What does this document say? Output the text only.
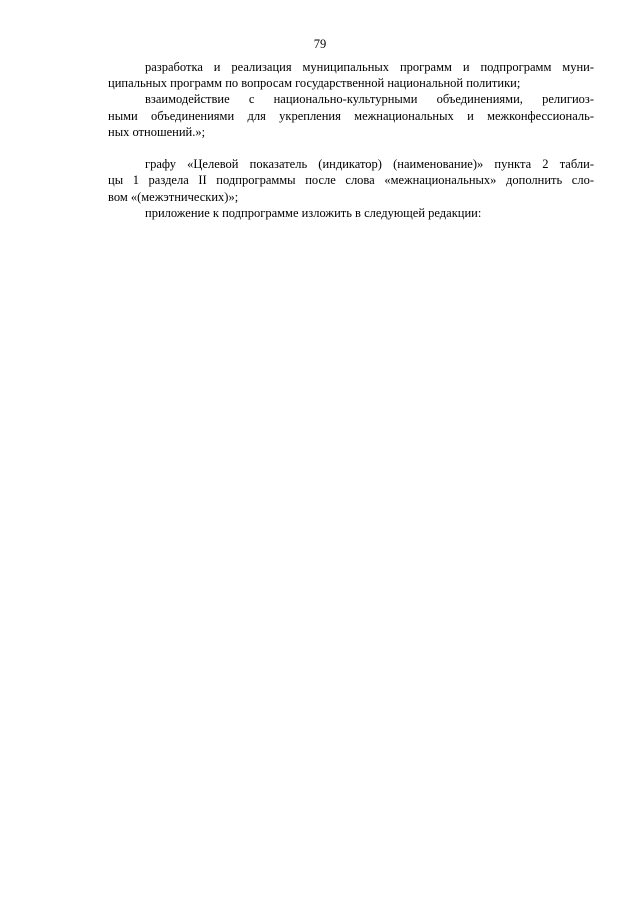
79
разработка и реализация муниципальных программ и подпрограмм муни-
ципальных программ по вопросам государственной национальной политики;
взаимодействие с национально-культурными объединениями, религиоз-
ными объединениями для укрепления межнациональных и межконфессиональ-
ных отношений.»;
графу «Целевой показатель (индикатор) (наименование)» пункта 2 табли-
цы 1 раздела II подпрограммы после слова «межнациональных» дополнить сло-
вом «(межэтнических)»;
приложение к подпрограмме изложить в следующей редакции:
